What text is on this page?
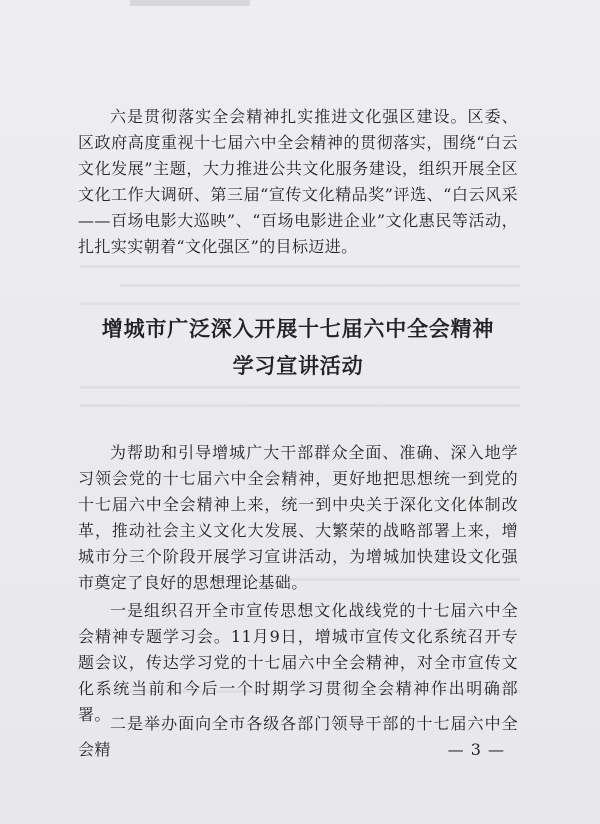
六是贯彻落实全会精神扎实推进文化强区建设。区委、区政府高度重视十七届六中全会精神的贯彻落实，围绕“白云文化发展”主题，大力推进公共文化服务建设，组织开展全区文化工作大调研、第三届“宣传文化精品奖”评选、“白云风采——百场电影大巡映”、“百场电影进企业”文化惠民等活动，扎扎实实朝着“文化强区”的目标迈进。

增城市广泛深入开展十七届六中全会精神
学习宣讲活动

为帮助和引导增城广大干部群众全面、准确、深入地学习领会党的十七届六中全会精神，更好地把思想统一到党的十七届六中全会精神上来，统一到中央关于深化文化体制改革，推动社会主义文化大发展、大繁荣的战略部署上来，增城市分三个阶段开展学习宣讲活动，为增城加快建设文化强市奠定了良好的思想理论基础。

一是组织召开全市宣传思想文化战线党的十七届六中全会精神专题学习会。11月9日，增城市宣传文化系统召开专题会议，传达学习党的十七届六中全会精神，对全市宣传文化系统当前和今后一个时期学习贯彻全会精神作出明确部署。 二是举办面向全市各级各部门领导干部的十七届六中全会精	— 3 —
